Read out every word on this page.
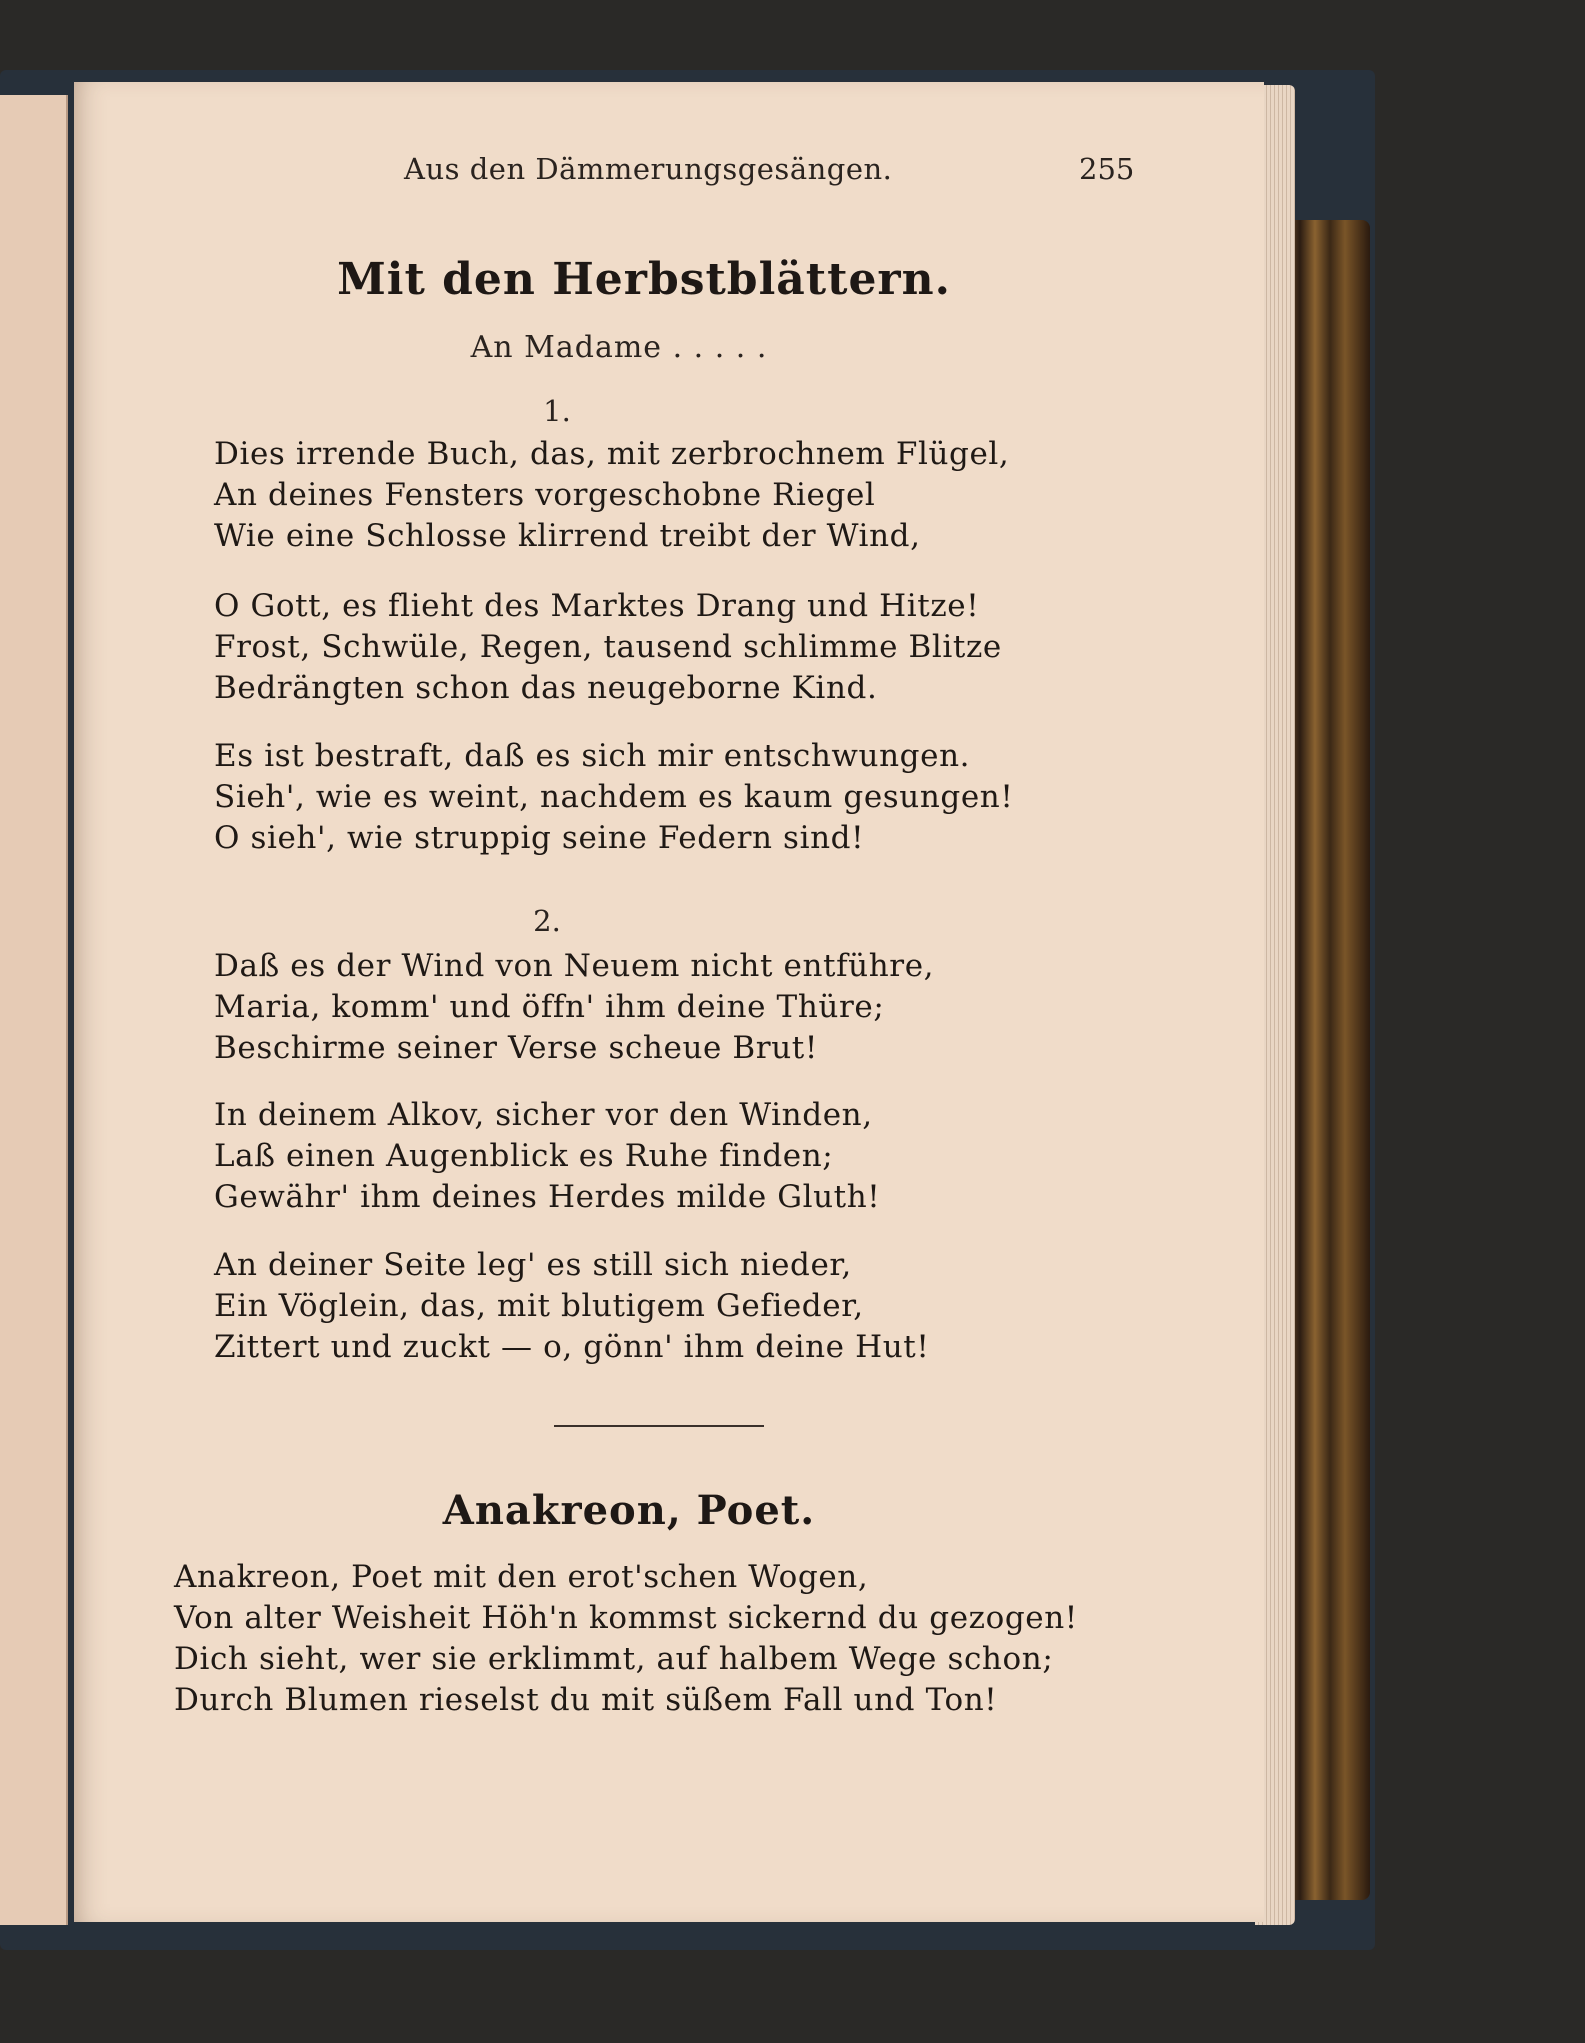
Aus den Dämmerungsgesängen.	255
Mit den Herbstblättern.
An Madame . . . . .
1.
Dies irrende Buch, das, mit zerbrochnem Flügel,
An deines Fensters vorgeschobne Riegel
Wie eine Schlosse klirrend treibt der Wind,
O Gott, es flieht des Marktes Drang und Hitze!
Frost, Schwüle, Regen, tausend schlimme Blitze
Bedrängten schon das neugeborne Kind.
Es ist bestraft, daß es sich mir entschwungen.
Sieh', wie es weint, nachdem es kaum gesungen!
O sieh', wie struppig seine Federn sind!
2.
Daß es der Wind von Neuem nicht entführe,
Maria, komm' und öffn' ihm deine Thüre;
Beschirme seiner Verse scheue Brut!
In deinem Alkov, sicher vor den Winden,
Laß einen Augenblick es Ruhe finden;
Gewähr' ihm deines Herdes milde Gluth!
An deiner Seite leg' es still sich nieder,
Ein Vöglein, das, mit blutigem Gefieder,
Zittert und zuckt — o, gönn' ihm deine Hut!
Anakreon, Poet.
Anakreon, Poet mit den erot'schen Wogen,
Von alter Weisheit Höh'n kommst sickernd du gezogen!
Dich sieht, wer sie erklimmt, auf halbem Wege schon;
Durch Blumen rieselst du mit süßem Fall und Ton!
